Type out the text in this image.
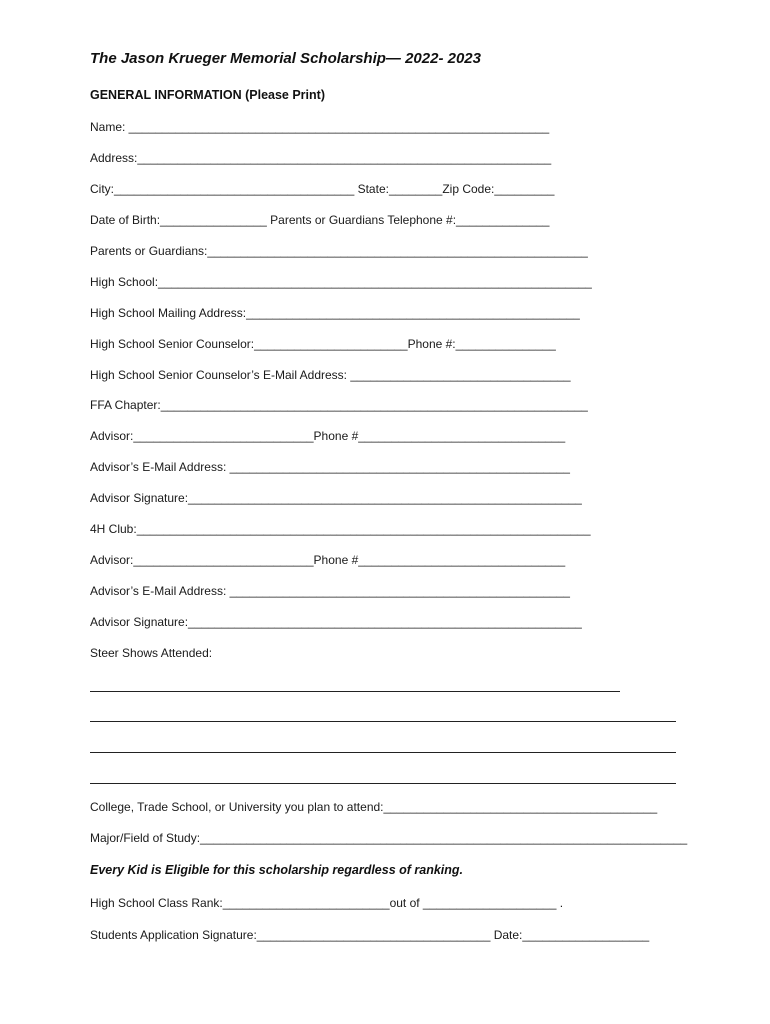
The Jason Krueger Memorial Scholarship— 2022- 2023
GENERAL INFORMATION (Please Print)
Name: _______________________________________________________________
Address:______________________________________________________________
City:____________________________________ State:________Zip Code:_________
Date of Birth:________________ Parents or Guardians Telephone #:______________
Parents or Guardians:_________________________________________________________
High School:_________________________________________________________________
High School Mailing Address:__________________________________________________
High School Senior Counselor:_______________________Phone #:_______________
High School Senior Counselor’s E-Mail Address: _________________________________
FFA Chapter:________________________________________________________________
Advisor:___________________________Phone #_______________________________
Advisor’s E-Mail Address: ___________________________________________________
Advisor Signature:___________________________________________________________
4H Club:____________________________________________________________________
Advisor:___________________________Phone #_______________________________
Advisor’s E-Mail Address: ___________________________________________________
Advisor Signature:___________________________________________________________
Steer Shows Attended:
College, Trade School, or University you plan to attend:_________________________________________
Major/Field of Study:_________________________________________________________________________
Every Kid is Eligible for this scholarship regardless of ranking.
High School Class Rank:_________________________out of ____________________ .
Students Application Signature:___________________________________ Date:___________________
